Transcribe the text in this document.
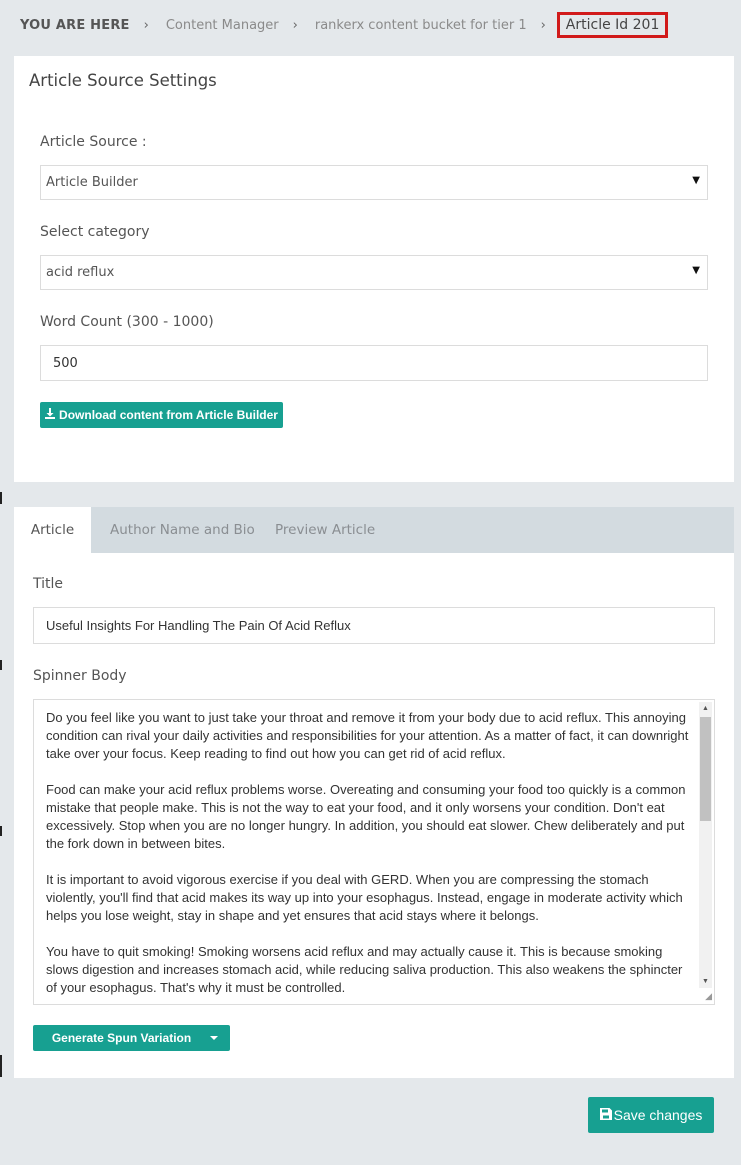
YOU ARE HERE › Content Manager › rankerx content bucket for tier 1 ›	Article Id 201
Article Source Settings
Article Source :
Article Builder	▼
Select category
acid reflux	▼
Word Count (300 - 1000)
500
Download content from Article Builder
Article	Author Name and Bio Preview Article
Title
Useful Insights For Handling The Pain Of Acid Reflux
Spinner Body

Do you feel like you want to just take your throat and remove it from your body due to acid reflux. This annoying condition can rival your daily activities and responsibilities for your attention. As a matter of fact, it can downright take over your focus. Keep reading to find out how you can get rid of acid reflux.

Food can make your acid reflux problems worse. Overeating and consuming your food too quickly is a common mistake that people make. This is not the way to eat your food, and it only worsens your condition. Don't eat excessively. Stop when you are no longer hungry. In addition, you should eat slower. Chew deliberately and put the fork down in between bites.

It is important to avoid vigorous exercise if you deal with GERD. When you are compressing the stomach violently, you'll find that acid makes its way up into your esophagus. Instead, engage in moderate activity which helps you lose weight, stay in shape and yet ensures that acid stays where it belongs.

You have to quit smoking! Smoking worsens acid reflux and may actually cause it. This is because smoking slows digestion and increases stomach acid, while reducing saliva production. This also weakens the sphincter of your esophagus. That's why it must be controlled.

▲
▼
◢
Generate Spun Variation
Save changes
